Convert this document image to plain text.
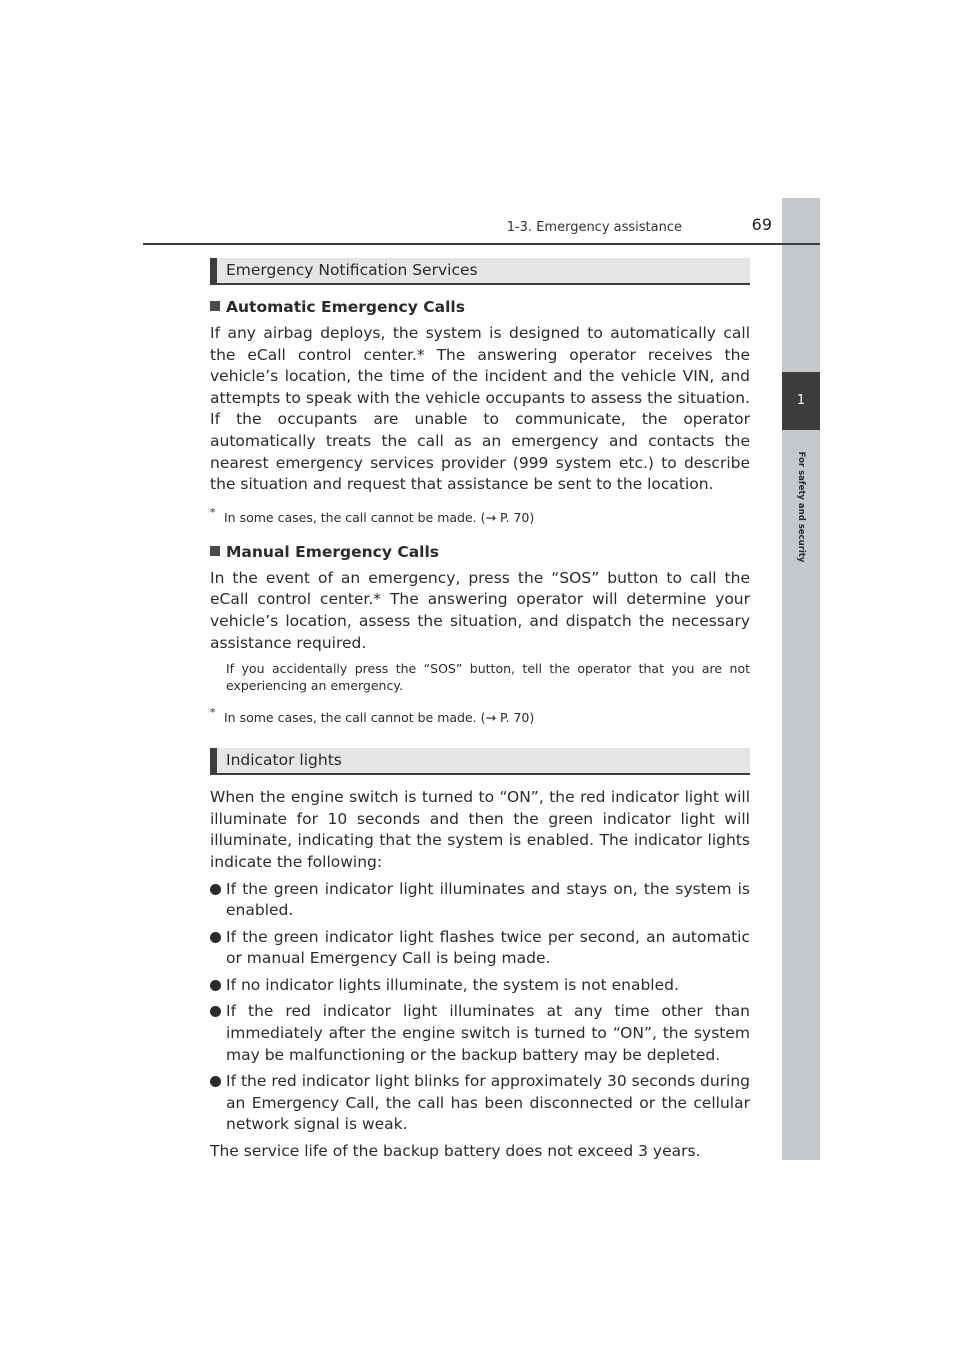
1
For safety and security
1-3. Emergency assistance	69
Emergency Notification Services
Automatic Emergency Calls

If any airbag deploys, the system is designed to automatically call the eCall control center.* The answering operator receives the vehicle’s location, the time of the incident and the vehicle VIN, and attempts to speak with the vehicle occupants to assess the situation. If the occupants are unable to communicate, the operator automatically treats the call as an emergency and contacts the nearest emergency services provider (999 system etc.) to describe the situation and request that assistance be sent to the location.

* In some cases, the call cannot be made. (→ P. 70)
Manual Emergency Calls

In the event of an emergency, press the “SOS” button to call the eCall control center.* The answering operator will determine your vehicle’s location, assess the situation, and dispatch the necessary assistance required.

If you accidentally press the “SOS” button, tell the operator that you are not experiencing an emergency.
* In some cases, the call cannot be made. (→ P. 70)
Indicator lights

When the engine switch is turned to “ON”, the red indicator light will illuminate for 10 seconds and then the green indicator light will illuminate, indicating that the system is enabled. The indicator lights indicate the following:

If the green indicator light illuminates and stays on, the system is enabled.
If the green indicator light flashes twice per second, an automatic or manual Emergency Call is being made.
If no indicator lights illuminate, the system is not enabled.
If the red indicator light illuminates at any time other than immediately after the engine switch is turned to “ON”, the system may be malfunctioning or the backup battery may be depleted.
If the red indicator light blinks for approximately 30 seconds during an Emergency Call, the call has been disconnected or the cellular network signal is weak.

The service life of the backup battery does not exceed 3 years.
